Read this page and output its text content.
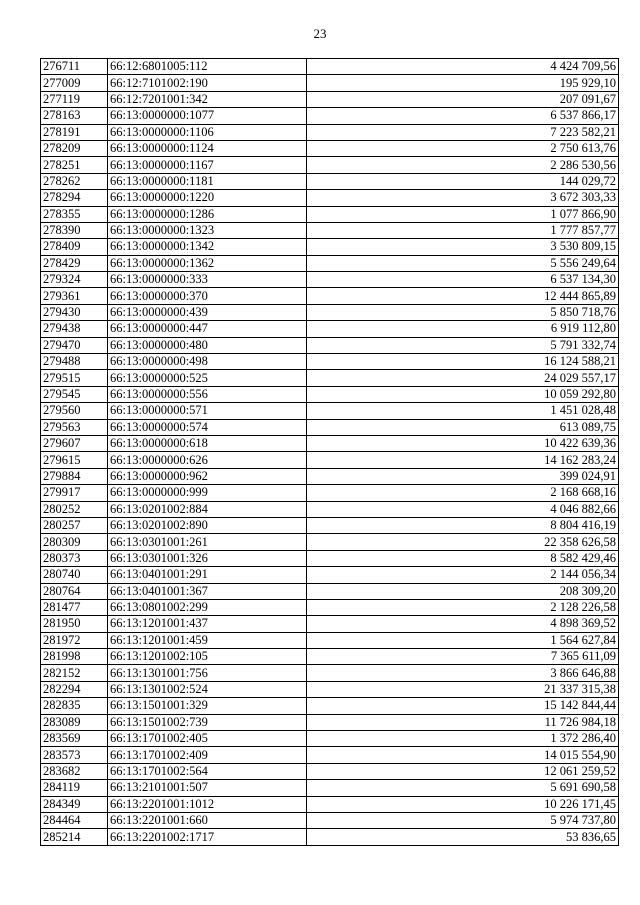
23
276711	66:12:6801005:112	4 424 709,56
277009	66:12:7101002:190	195 929,10
277119	66:12:7201001:342	207 091,67
278163	66:13:0000000:1077	6 537 866,17
278191	66:13:0000000:1106	7 223 582,21
278209	66:13:0000000:1124	2 750 613,76
278251	66:13:0000000:1167	2 286 530,56
278262	66:13:0000000:1181	144 029,72
278294	66:13:0000000:1220	3 672 303,33
278355	66:13:0000000:1286	1 077 866,90
278390	66:13:0000000:1323	1 777 857,77
278409	66:13:0000000:1342	3 530 809,15
278429	66:13:0000000:1362	5 556 249,64
279324	66:13:0000000:333	6 537 134,30
279361	66:13:0000000:370	12 444 865,89
279430	66:13:0000000:439	5 850 718,76
279438	66:13:0000000:447	6 919 112,80
279470	66:13:0000000:480	5 791 332,74
279488	66:13:0000000:498	16 124 588,21
279515	66:13:0000000:525	24 029 557,17
279545	66:13:0000000:556	10 059 292,80
279560	66:13:0000000:571	1 451 028,48
279563	66:13:0000000:574	613 089,75
279607	66:13:0000000:618	10 422 639,36
279615	66:13:0000000:626	14 162 283,24
279884	66:13:0000000:962	399 024,91
279917	66:13:0000000:999	2 168 668,16
280252	66:13:0201002:884	4 046 882,66
280257	66:13:0201002:890	8 804 416,19
280309	66:13:0301001:261	22 358 626,58
280373	66:13:0301001:326	8 582 429,46
280740	66:13:0401001:291	2 144 056,34
280764	66:13:0401001:367	208 309,20
281477	66:13:0801002:299	2 128 226,58
281950	66:13:1201001:437	4 898 369,52
281972	66:13:1201001:459	1 564 627,84
281998	66:13:1201002:105	7 365 611,09
282152	66:13:1301001:756	3 866 646,88
282294	66:13:1301002:524	21 337 315,38
282835	66:13:1501001:329	15 142 844,44
283089	66:13:1501002:739	11 726 984,18
283569	66:13:1701002:405	1 372 286,40
283573	66:13:1701002:409	14 015 554,90
283682	66:13:1701002:564	12 061 259,52
284119	66:13:2101001:507	5 691 690,58
284349	66:13:2201001:1012	10 226 171,45
284464	66:13:2201001:660	5 974 737,80
285214	66:13:2201002:1717	53 836,65
